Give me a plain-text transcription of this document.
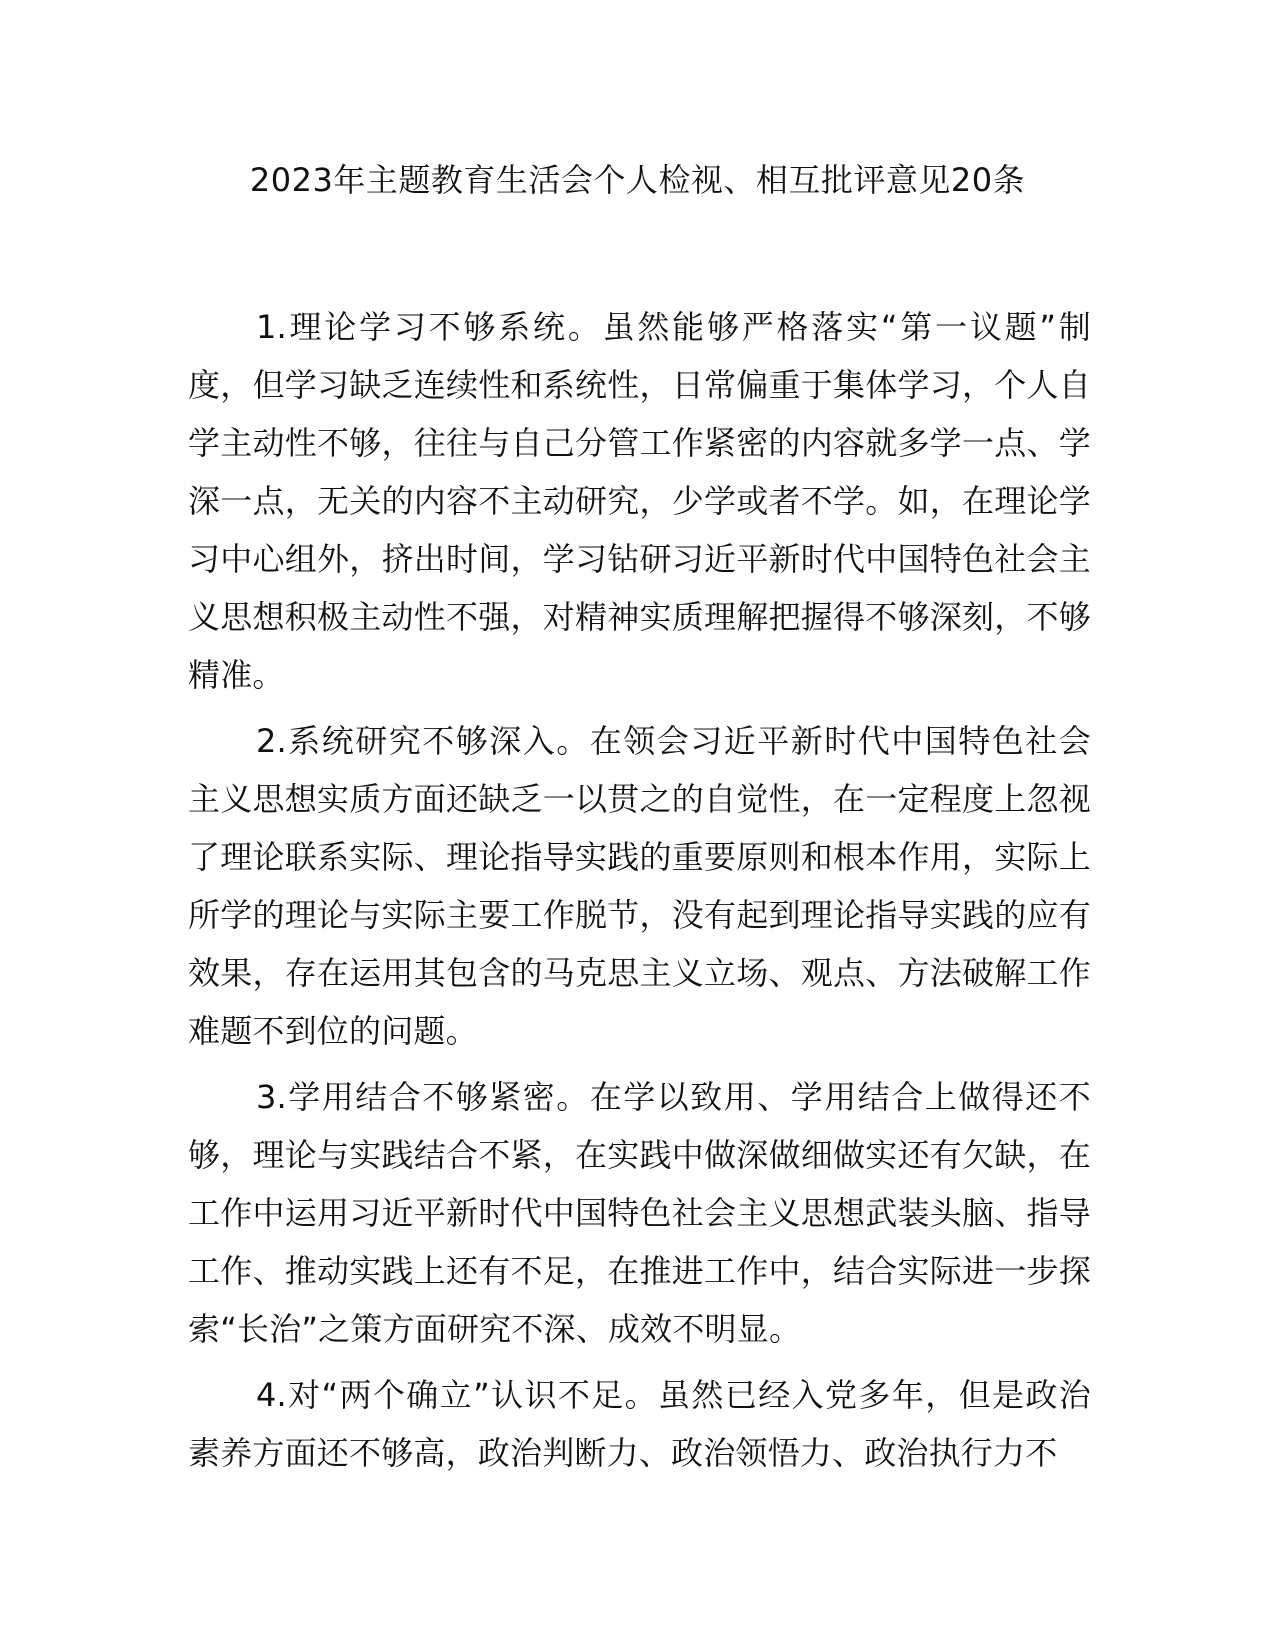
2023年主题教育生活会个人检视、相互批评意见20条

1.理论学习不够系统。虽然能够严格落实“第一议题”制度，但学习缺乏连续性和系统性，日常偏重于集体学习，个人自学主动性不够，往往与自己分管工作紧密的内容就多学一点、学深一点，无关的内容不主动研究，少学或者不学。如，在理论学习中心组外，挤出时间，学习钻研习近平新时代中国特色社会主义思想积极主动性不强，对精神实质理解把握得不够深刻，不够精准。

2.系统研究不够深入。在领会习近平新时代中国特色社会主义思想实质方面还缺乏一以贯之的自觉性，在一定程度上忽视了理论联系实际、理论指导实践的重要原则和根本作用，实际上所学的理论与实际主要工作脱节，没有起到理论指导实践的应有效果，存在运用其包含的马克思主义立场、观点、方法破解工作难题不到位的问题。

3.学用结合不够紧密。在学以致用、学用结合上做得还不够，理论与实践结合不紧，在实践中做深做细做实还有欠缺，在工作中运用习近平新时代中国特色社会主义思想武装头脑、指导工作、推动实践上还有不足，在推进工作中，结合实际进一步探索“长治”之策方面研究不深、成效不明显。

4.对“两个确立”认识不足。虽然已经入党多年，但是政治素养方面还不够高，政治判断力、政治领悟力、政治执行力不
